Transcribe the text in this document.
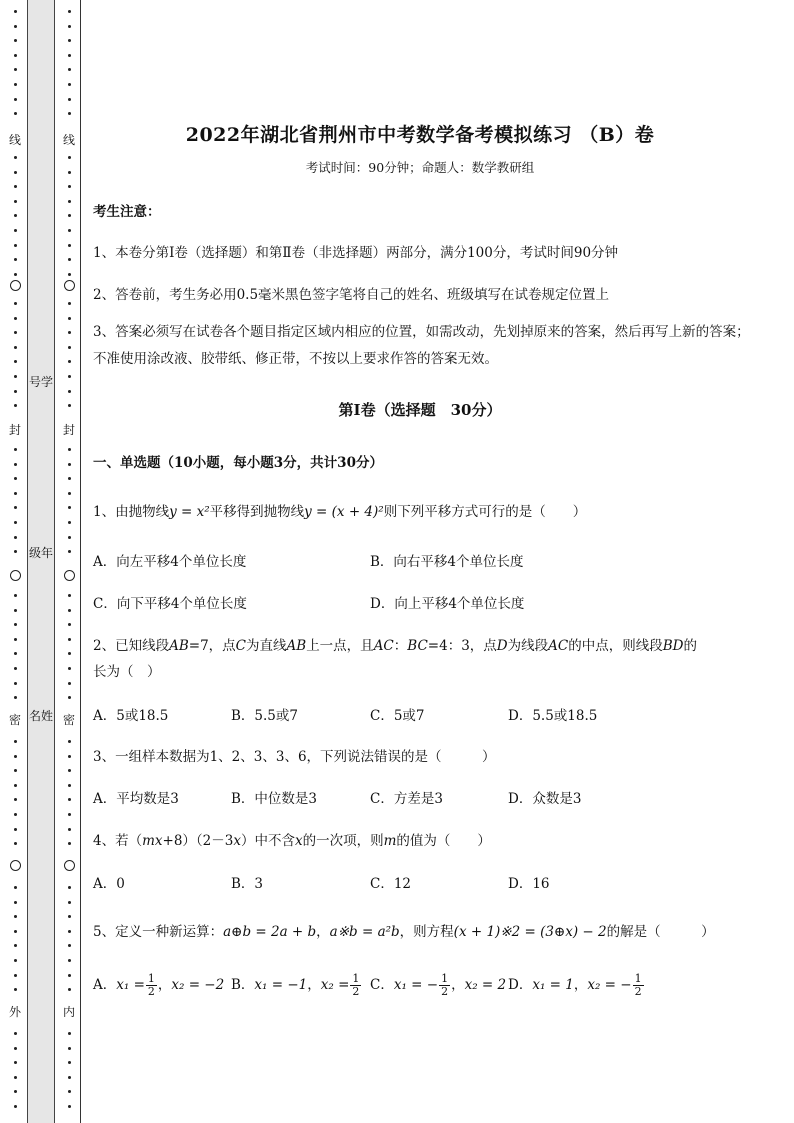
线
封
密
外
线
封
密
内
号学
级年
名姓
2022年湖北省荆州市中考数学备考模拟练习 （B）卷
考试时间：90分钟；命题人：数学教研组
考生注意：
1、本卷分第Ⅰ卷（选择题）和第Ⅱ卷（非选择题）两部分，满分100分，考试时间90分钟
2、答卷前，考生务必用0.5毫米黑色签字笔将自己的姓名、班级填写在试卷规定位置上
3、答案必须写在试卷各个题目指定区域内相应的位置，如需改动，先划掉原来的答案，然后再写上新的答案；不准使用涂改液、胶带纸、修正带，不按以上要求作答的答案无效。
第Ⅰ卷（选择题　30分）
一、单选题（10小题，每小题3分，共计30分）
1、由抛物线y = x²平移得到抛物线y = (x + 4)²则下列平移方式可行的是（　　）
A．向左平移4个单位长度	B．向右平移4个单位长度
C．向下平移4个单位长度	D．向上平移4个单位长度
2、已知线段AB=7，点C为直线AB上一点，且AC：BC=4：3，点D为线段AC的中点，则线段BD的
长为（　）
A．5或18.5	B．5.5或7	C．5或7	D．5.5或18.5
3、一组样本数据为1、2、3、3、6，下列说法错误的是（　　　）
A．平均数是3	B．中位数是3	C．方差是3	D．众数是3
4、若（mx+8）（2－3x）中不含x的一次项，则m的值为（　　）
A．0	B．3	C．12	D．16
5、定义一种新运算：a⊕b = 2a + b，a※b = a²b，则方程(x + 1)※2 = (3⊕x) − 2的解是（　　　）
A．$x_1 = \frac{1}{2}$ ，x₂ = −2 B．x₁ = −1，$x_2 = \frac{1}{2}$ C．x₁ = − $\frac{1}{2}$ ，x₂ = 2 D．x₁ = 1，x₂ = − $\frac{1}{2}$
